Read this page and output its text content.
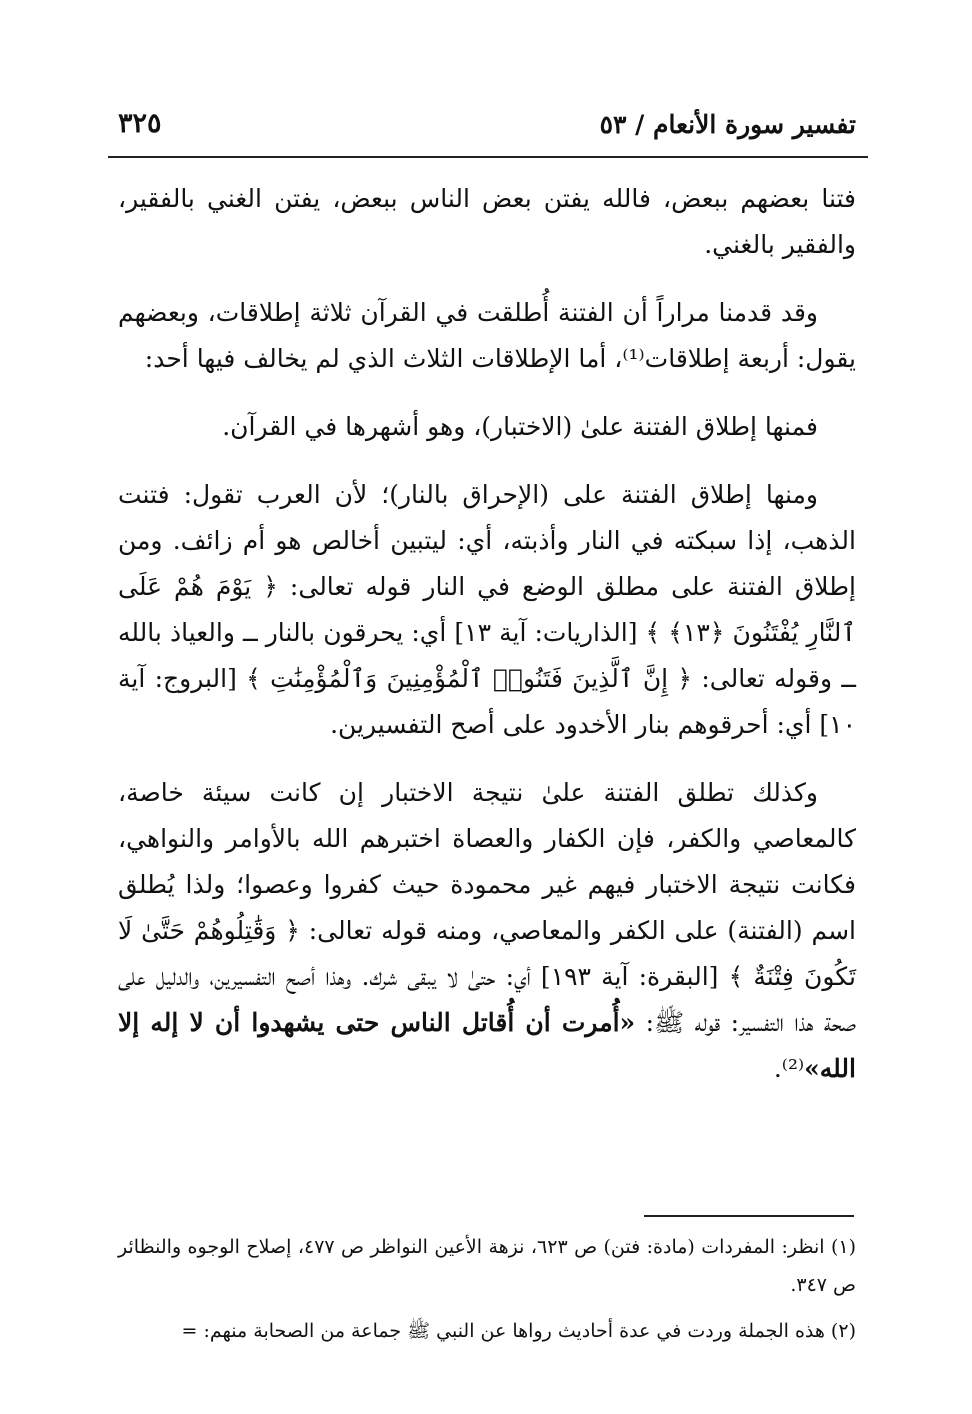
تفسير سورة الأنعام / ٥٣
٣٢٥

فتنا بعضهم ببعض، فالله يفتن بعض الناس ببعض، يفتن الغني بالفقير، والفقير بالغني.

وقد قدمنا مراراً أن الفتنة أُطلقت في القرآن ثلاثة إطلاقات، وبعضهم يقول: أربعة إطلاقات⁽¹⁾، أما الإطلاقات الثلاث الذي لم يخالف فيها أحد:

فمنها إطلاق الفتنة علىٰ (الاختبار)، وهو أشهرها في القرآن.

ومنها إطلاق الفتنة على (الإحراق بالنار)؛ لأن العرب تقول: فتنت الذهب، إذا سبكته في النار وأذبته، أي: ليتبين أخالص هو أم زائف. ومن إطلاق الفتنة على مطلق الوضع في النار قوله تعالى: ﴿ يَوْمَ هُمْ عَلَى ٱلنَّارِ يُفْتَنُونَ ﴿١٣﴾ ﴾ [الذاريات: آية ١٣] أي: يحرقون بالنار ــ والعياذ بالله ــ وقوله تعالى: ﴿ إِنَّ ٱلَّذِينَ فَتَنُوا۟ ٱلْمُؤْمِنِينَ وَٱلْمُؤْمِنَٰتِ ﴾ [البروج: آية ١٠] أي: أحرقوهم بنار الأخدود على أصح التفسيرين.

وكذلك تطلق الفتنة علىٰ نتيجة الاختبار إن كانت سيئة خاصة، كالمعاصي والكفر، فإن الكفار والعصاة اختبرهم الله بالأوامر والنواهي، فكانت نتيجة الاختبار فيهم غير محمودة حيث كفروا وعصوا؛ ولذا يُطلق اسم (الفتنة) على الكفر والمعاصي، ومنه قوله تعالى: ﴿ وَقَٰتِلُوهُمْ حَتَّىٰ لَا تَكُونَ فِتْنَةٌ ﴾ [البقرة: آية ١٩٣] أي: حتىٰ لا يبقى شرك. وهذا أصح التفسيرين، والدليل على صحة هذا التفسير: قوله ﷺ: «أُمرت أن أُقاتل الناس حتى يشهدوا أن لا إله إلا الله»⁽²⁾.

(١) انظر: المفردات (مادة: فتن) ص ٦٢٣، نزهة الأعين النواظر ص ٤٧٧، إصلاح الوجوه والنظائر ص ٣٤٧.

(٢) هذه الجملة وردت في عدة أحاديث رواها عن النبي ﷺ جماعة من الصحابة منهم: =
